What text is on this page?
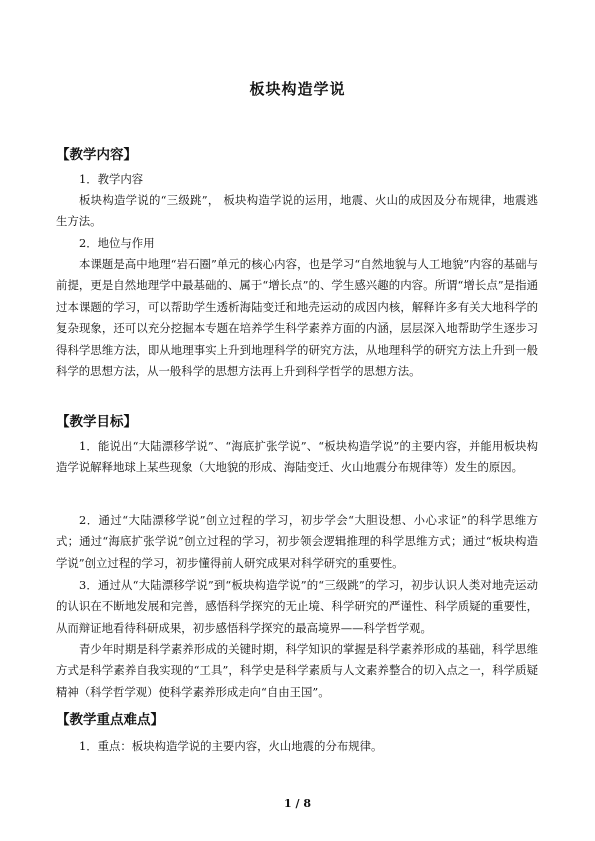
板块构造学说
【教学内容】

1．教学内容

板块构造学说的“三级跳”， 板块构造学说的运用，地震、火山的成因及分布规律，地震逃生方法。

2．地位与作用

本课题是高中地理“岩石圈”单元的核心内容，也是学习“自然地貌与人工地貌”内容的基础与前提，更是自然地理学中最基础的、属于“增长点”的、学生感兴趣的内容。所谓“增长点”是指通过本课题的学习，可以帮助学生透析海陆变迁和地壳运动的成因内核，解释许多有关大地科学的复杂现象，还可以充分挖掘本专题在培养学生科学素养方面的内涵，层层深入地帮助学生逐步习得科学思维方法，即从地理事实上升到地理科学的研究方法，从地理科学的研究方法上升到一般科学的思想方法，从一般科学的思想方法再上升到科学哲学的思想方法。

【教学目标】

1．能说出“大陆漂移学说”、“海底扩张学说”、“板块构造学说”的主要内容，并能用板块构造学说解释地球上某些现象（大地貌的形成、海陆变迁、火山地震分布规律等）发生的原因。

2．通过“大陆漂移学说”创立过程的学习，初步学会“大胆设想、小心求证”的科学思维方式；通过“海底扩张学说”创立过程的学习，初步领会逻辑推理的科学思维方式；通过“板块构造学说”创立过程的学习，初步懂得前人研究成果对科学研究的重要性。

3．通过从“大陆漂移学说”到“板块构造学说”的“三级跳”的学习，初步认识人类对地壳运动的认识在不断地发展和完善，感悟科学探究的无止境、科学研究的严谨性、科学质疑的重要性，从而辩证地看待科研成果，初步感悟科学探究的最高境界——科学哲学观。

青少年时期是科学素养形成的关键时期，科学知识的掌握是科学素养形成的基础，科学思维方式是科学素养自我实现的“工具”，科学史是科学素质与人文素养整合的切入点之一，科学质疑精神（科学哲学观）使科学素养形成走向“自由王国”。

【教学重点难点】

1．重点：板块构造学说的主要内容，火山地震的分布规律。

1 / 8
